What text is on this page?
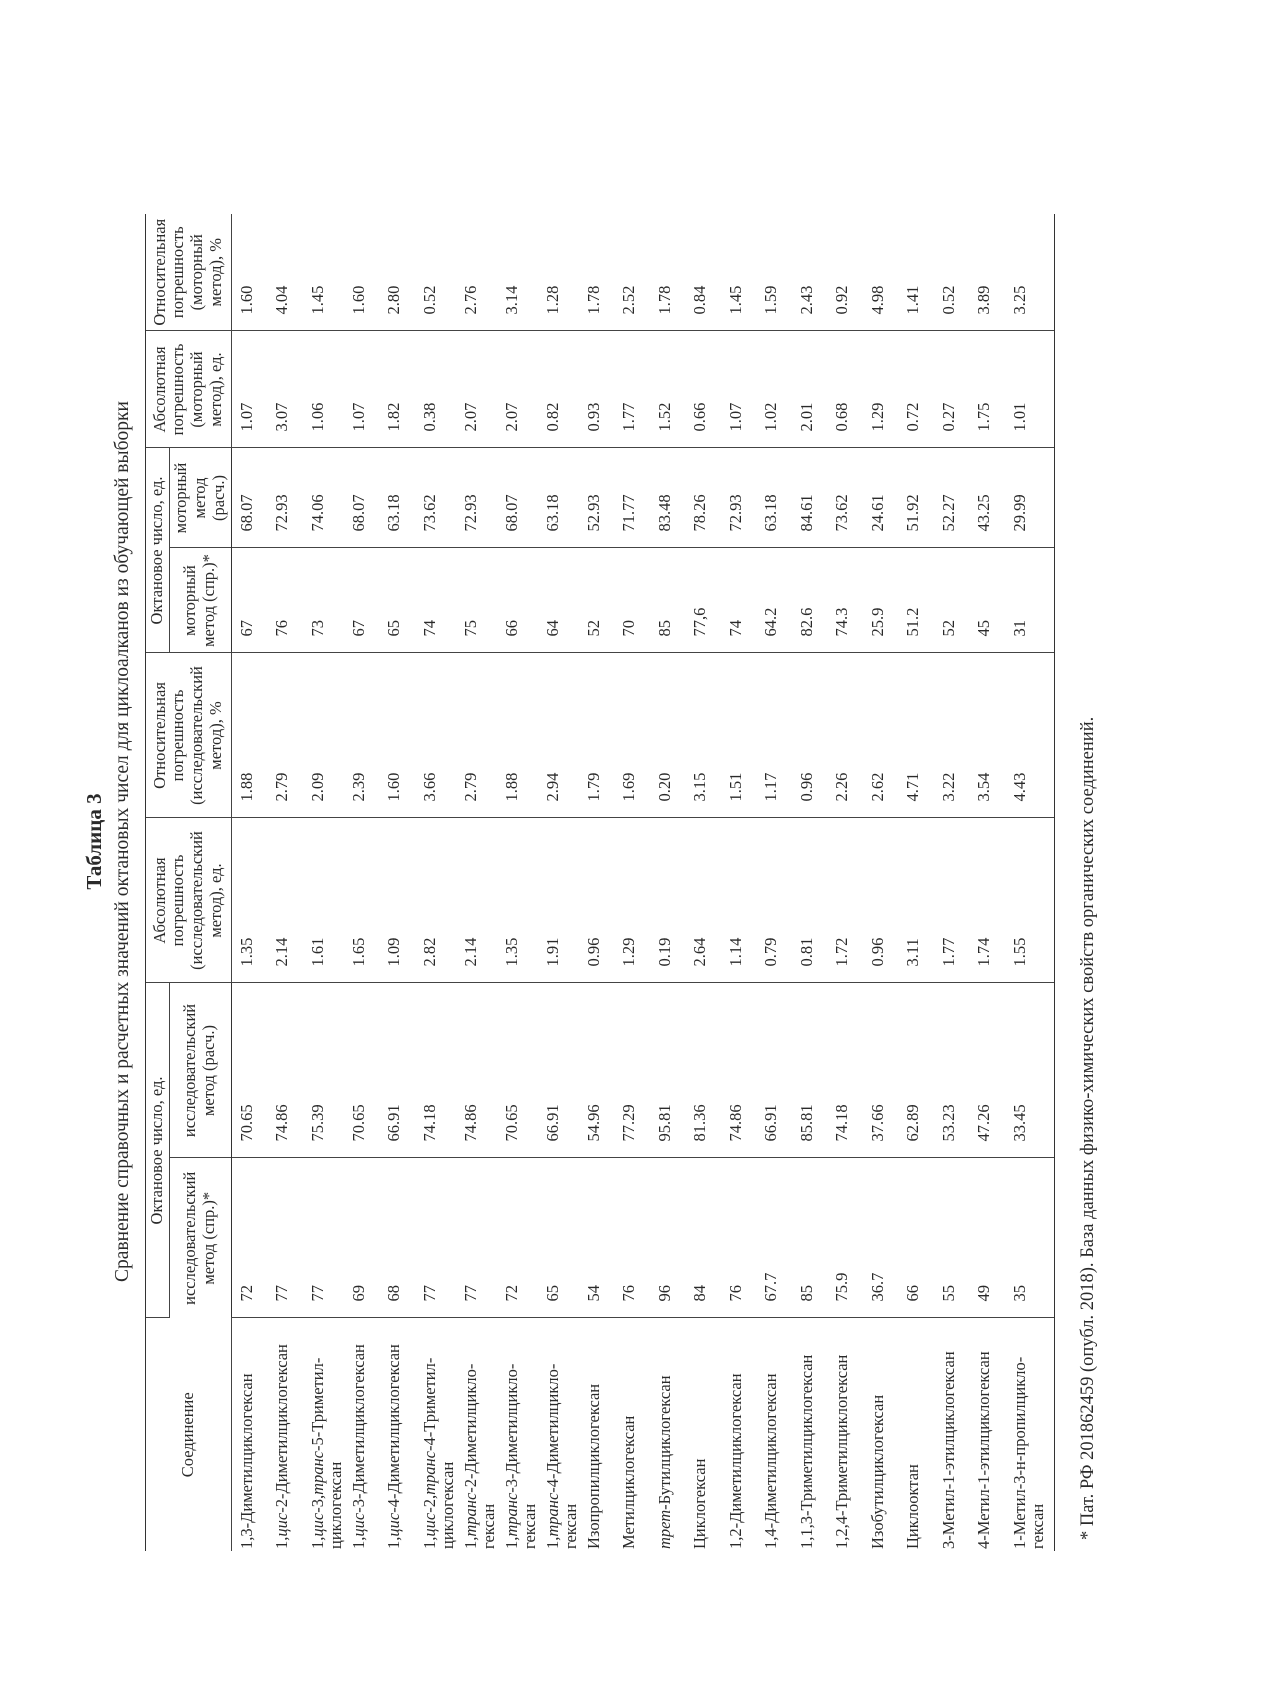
Таблица 3 Сравнение справочных и расчетных значений октановых чисел для циклоалканов из обучающей выборки
Соединение	Октановое число, ед.		Абсолютная погрешность (исследовательский метод), ед.	Относительная погрешность (исследовательский метод), %	Октановое число, ед.		Абсолютная погрешность (моторный метод), ед.	Относительная погрешность (моторный метод), %
	исследовательский метод (спр.)*	исследовательский метод (расч.)			моторный метод (спр.)*	моторный метод (расч.)		
1,3-Диметилциклогексан	72	70.65	1.35	1.88	67	68.07	1.07	1.60
1,цис-2-Диметилциклогексан	77	74.86	2.14	2.79	76	72.93	3.07	4.04
1,цис-3,транс-5-Триметил-циклогексан	77	75.39	1.61	2.09	73	74.06	1.06	1.45
1,цис-3-Диметилциклогексан	69	70.65	1.65	2.39	67	68.07	1.07	1.60
1,цис-4-Диметилциклогексан	68	66.91	1.09	1.60	65	63.18	1.82	2.80
1,цис-2,транс-4-Триметил-циклогексан	77	74.18	2.82	3.66	74	73.62	0.38	0.52
1,транс-2-Диметилцикло-гексан	77	74.86	2.14	2.79	75	72.93	2.07	2.76
1,транс-3-Диметилцикло-гексан	72	70.65	1.35	1.88	66	68.07	2.07	3.14
1,транс-4-Диметилцикло-гексан	65	66.91	1.91	2.94	64	63.18	0.82	1.28
Изопропилциклогексан	54	54.96	0.96	1.79	52	52.93	0.93	1.78
Метилциклогексан	76	77.29	1.29	1.69	70	71.77	1.77	2.52
трет-Бутилциклогексан	96	95.81	0.19	0.20	85	83.48	1.52	1.78
Циклогексан	84	81.36	2.64	3.15	77,6	78.26	0.66	0.84
1,2-Диметилциклогексан	76	74.86	1.14	1.51	74	72.93	1.07	1.45
1,4-Диметилциклогексан	67.7	66.91	0.79	1.17	64.2	63.18	1.02	1.59
1,1,3-Триметилциклогексан	85	85.81	0.81	0.96	82.6	84.61	2.01	2.43
1,2,4-Триметилциклогексан	75.9	74.18	1.72	2.26	74.3	73.62	0.68	0.92
Изобутилциклогексан	36.7	37.66	0.96	2.62	25.9	24.61	1.29	4.98
Циклооктан	66	62.89	3.11	4.71	51.2	51.92	0.72	1.41
3-Метил-1-этилциклогексан	55	53.23	1.77	3.22	52	52.27	0.27	0.52
4-Метил-1-этилциклогексан	49	47.26	1.74	3.54	45	43.25	1.75	3.89
1-Метил-3-н-пропилцикло-гексан	35	33.45	1.55	4.43	31	29.99	1.01	3.25
* Пат. РФ 201862459 (опубл. 2018). База данных физико-химических свойств органических соединений.
